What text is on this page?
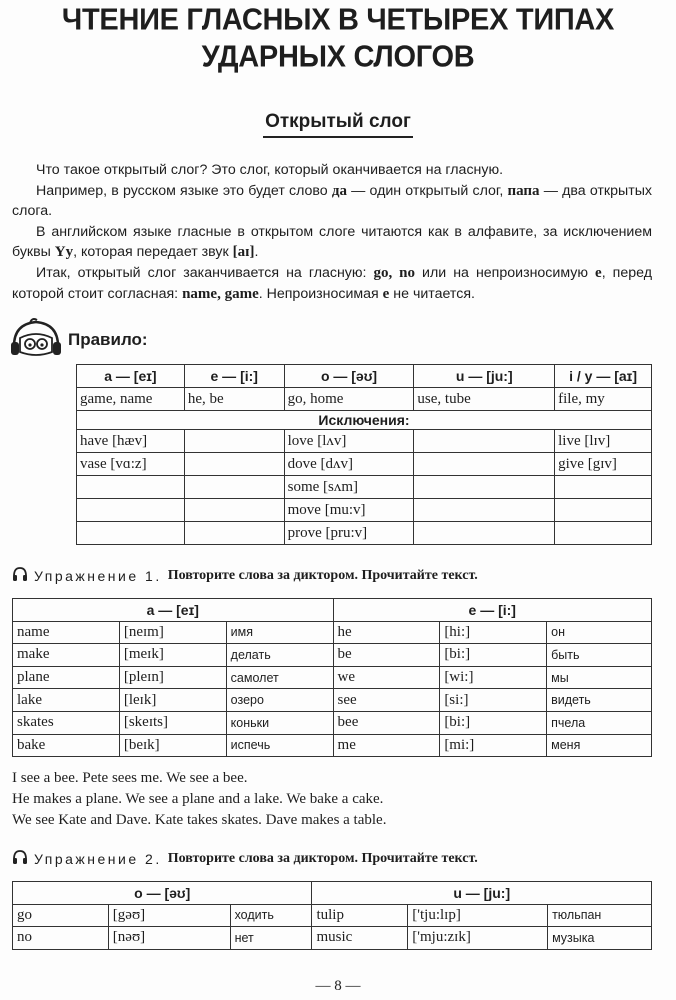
ЧТЕНИЕ ГЛАСНЫХ В ЧЕТЫРЕХ ТИПАХ
УДАРНЫХ СЛОГОВ
Открытый слог

Что такое открытый слог? Это слог, который оканчивается на гласную.

Например, в русском языке это будет слово да — один открытый слог, папа — два открытых слога.

В английском языке гласные в открытом слоге читаются как в алфавите, за исключением буквы Yy, которая передает звук [aɪ].

Итак, открытый слог заканчивается на гласную: go, no или на непроизносимую e, перед которой стоит согласная: name, game. Непроизносимая e не читается.

Правило:
a — [eɪ]	e — [i:]	o — [əʊ]	u — [ju:]	i / y — [aɪ]
game, name	he, be	go, home	use, tube	file, my
Исключения:				
have [hæv]		love [lʌv]		live [lɪv]
vase [vɑ:z]		dove [dʌv]		give [gɪv]
		some [sʌm]		
		move [mu:v]		
		prove [pru:v]		
Упражнение 1. Повторите слова за диктором. Прочитайте текст.
a — [eɪ]			e — [i:]		
name	[neɪm]	имя	he	[hi:]	он
make	[meɪk]	делать	be	[bi:]	быть
plane	[pleɪn]	самолет	we	[wi:]	мы
lake	[leɪk]	озеро	see	[si:]	видеть
skates	[skeɪts]	коньки	bee	[bi:]	пчела
bake	[beɪk]	испечь	me	[mi:]	меня
I see a bee. Pete sees me. We see a bee.
He makes a plane. We see a plane and a lake. We bake a cake.
We see Kate and Dave. Kate takes skates. Dave makes a table.
Упражнение 2. Повторите слова за диктором. Прочитайте текст.
o — [əʊ]			u — [ju:]		
go	[gəʊ]	ходить	tulip	['tju:lɪp]	тюльпан
no	[nəʊ]	нет	music	['mju:zɪk]	музыка
— 8 —
